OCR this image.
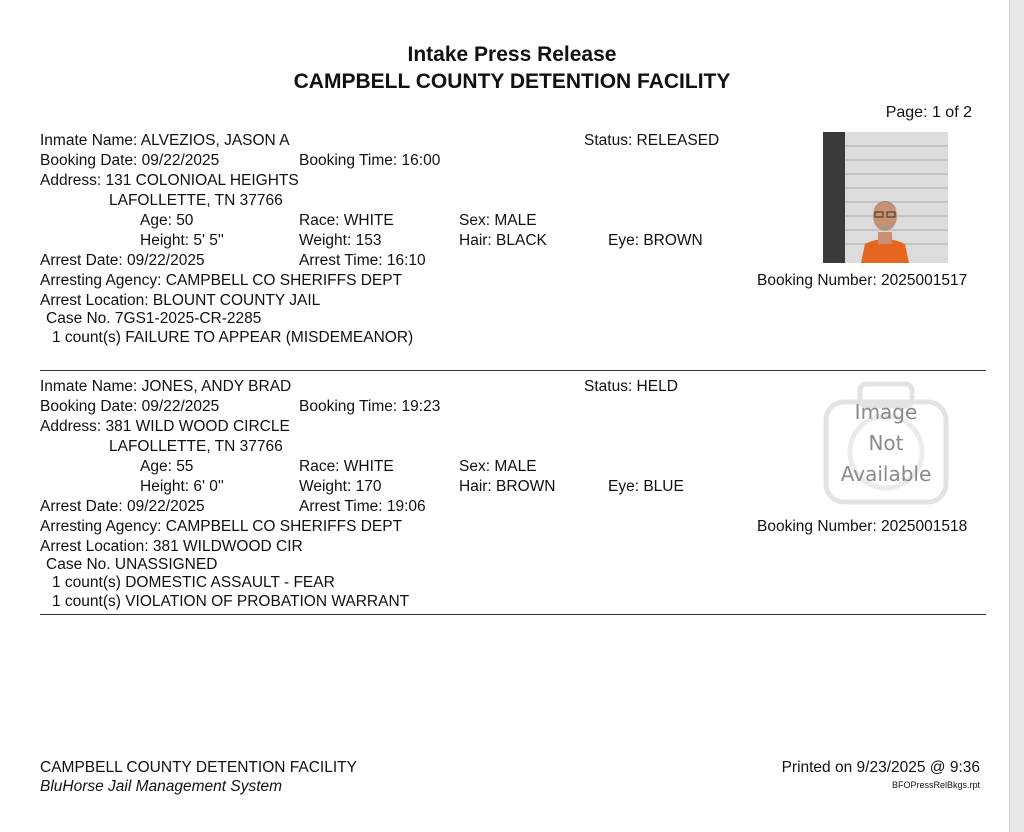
Intake Press Release
CAMPBELL COUNTY DETENTION FACILITY
Page: 1 of 2
Inmate Name: ALVEZIOS, JASON A	Status: RELEASED
Booking Date: 09/22/2025	Booking Time: 16:00
Address: 131 COLONIOAL HEIGHTS
LAFOLLETTE, TN 37766
Age: 50	Race: WHITE	Sex: MALE
Height: 5' 5''	Weight: 153	Hair: BLACK	Eye: BROWN
Arrest Date: 09/22/2025	Arrest Time: 16:10
Arresting Agency: CAMPBELL CO SHERIFFS DEPT	Booking Number: 2025001517
Arrest Location: BLOUNT COUNTY JAIL
Case No. 7GS1-2025-CR-2285
1 count(s) FAILURE TO APPEAR (MISDEMEANOR)
Inmate Name: JONES, ANDY BRAD	Status: HELD
Booking Date: 09/22/2025	Booking Time: 19:23
Address: 381 WILD WOOD CIRCLE
LAFOLLETTE, TN 37766
Age: 55	Race: WHITE	Sex: MALE
Height: 6' 0''	Weight: 170	Hair: BROWN	Eye: BLUE
Arrest Date: 09/22/2025	Arrest Time: 19:06
Arresting Agency: CAMPBELL CO SHERIFFS DEPT	Booking Number: 2025001518
Arrest Location: 381 WILDWOOD CIR
Case No. UNASSIGNED
1 count(s) DOMESTIC ASSAULT - FEAR
1 count(s) VIOLATION OF PROBATION WARRANT
Image
Not
Available
CAMPBELL COUNTY DETENTION FACILITY
BluHorse Jail Management System
Printed on 9/23/2025 @ 9:36
BFOPressRelBkgs.rpt
